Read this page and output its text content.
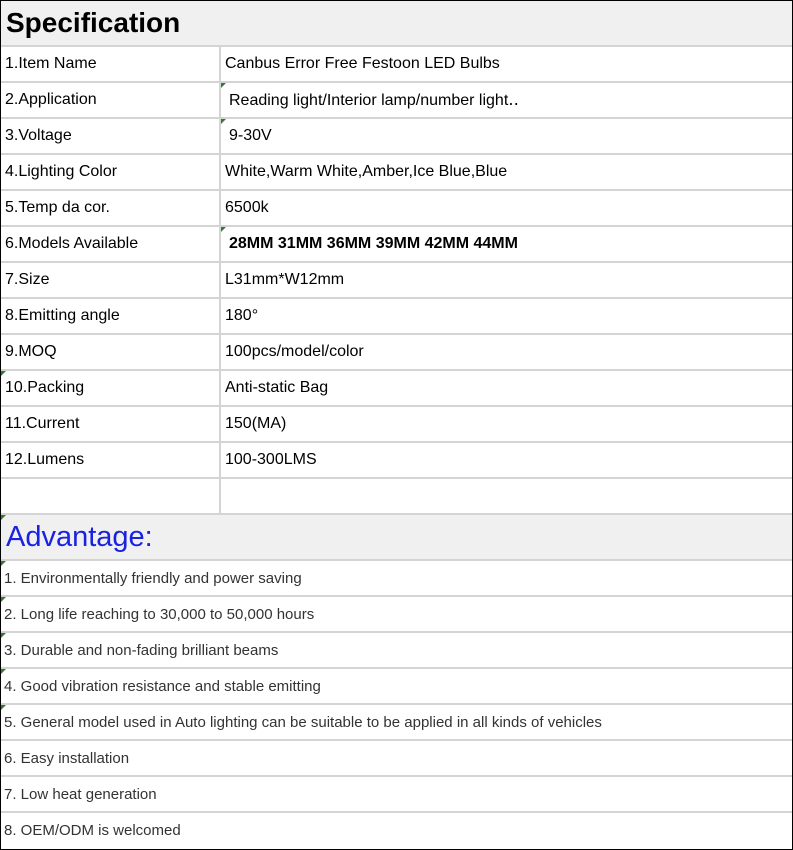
Specification
1.Item Name	Canbus Error Free Festoon LED Bulbs
2.Application	Reading light/Interior lamp/number light‥
3.Voltage	9-30V
4.Lighting Color	White,Warm White,Amber,Ice Blue,Blue
5.Temp da cor.	6500k
6.Models Available	28MM 31MM 36MM 39MM 42MM 44MM
7.Size	L31mm*W12mm
8.Emitting angle	180°
9.MOQ	100pcs/model/color
10.Packing	Anti-static Bag
11.Current	150(MA)
12.Lumens	100-300LMS
Advantage:
1. Environmentally friendly and power saving
2. Long life reaching to 30,000 to 50,000 hours
3. Durable and non-fading brilliant beams
4. Good vibration resistance and stable emitting
5. General model used in Auto lighting can be suitable to be applied in all kinds of vehicles
6. Easy installation
7. Low heat generation
8. OEM/ODM is welcomed
